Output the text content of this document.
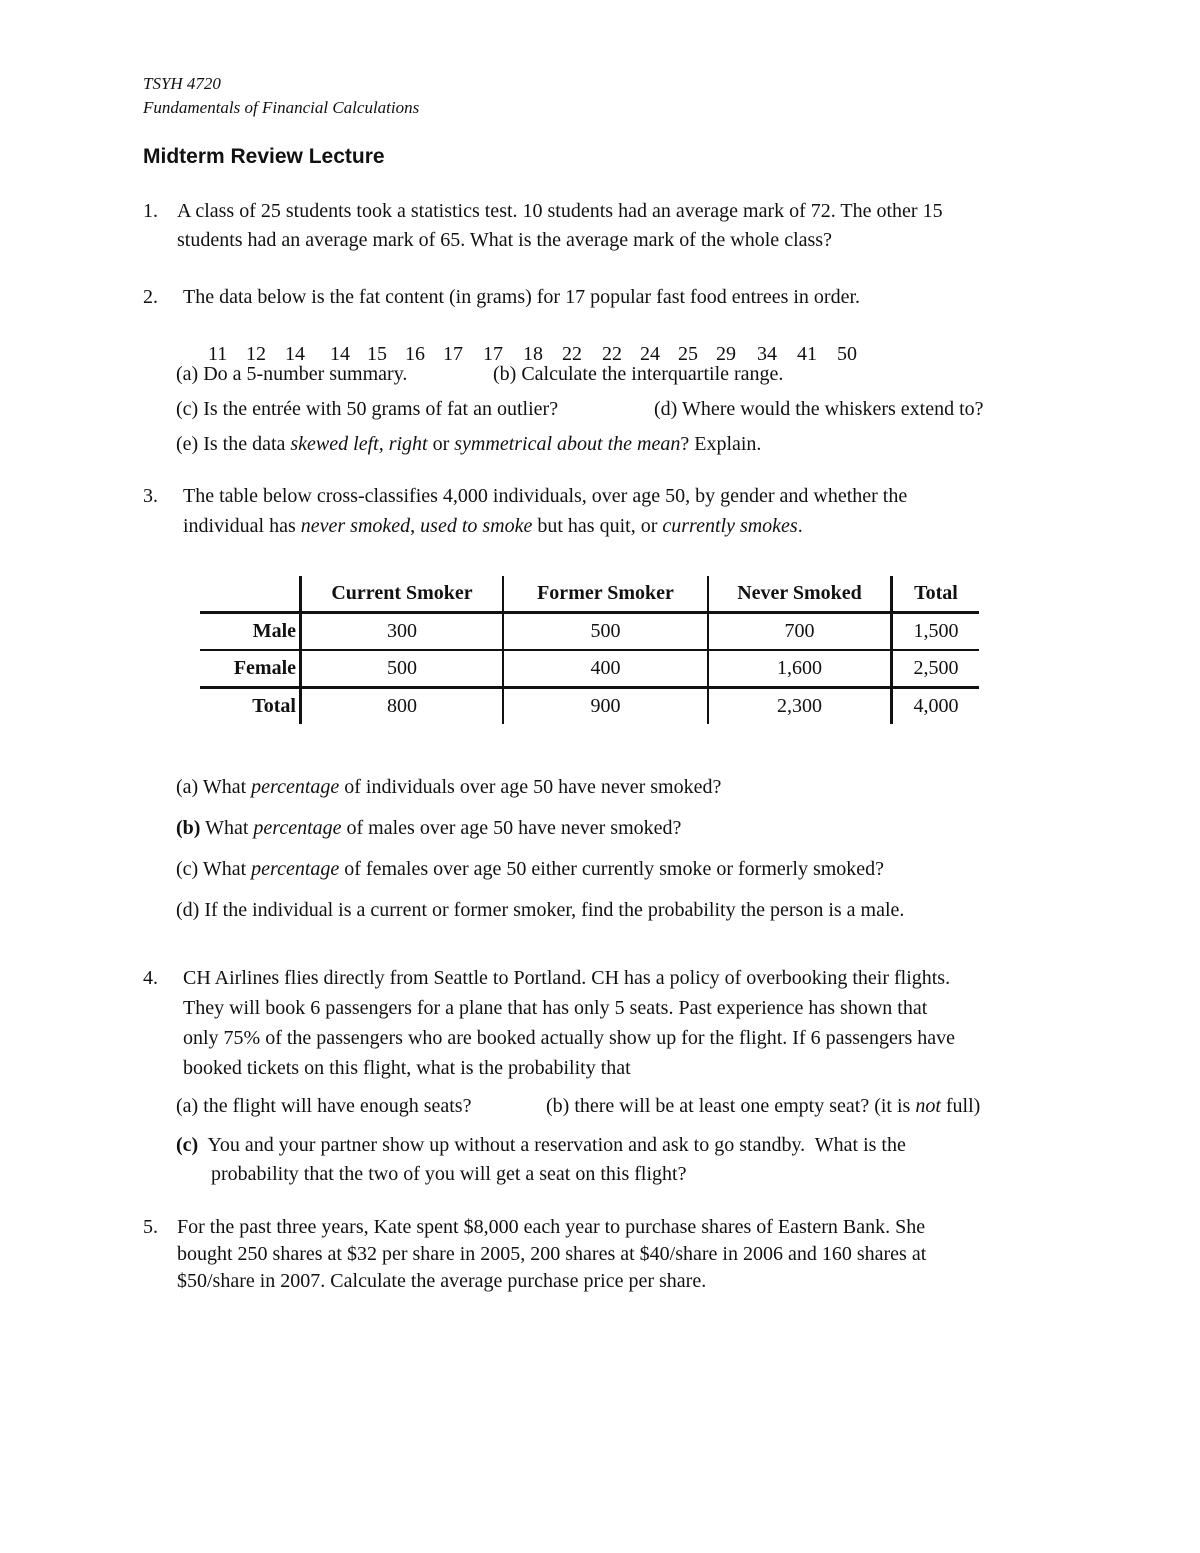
TSYH 4720
Fundamentals of Financial Calculations
Midterm Review Lecture
1. A class of 25 students took a statistics test. 10 students had an average mark of 72. The other 15
students had an average mark of 65. What is the average mark of the whole class?
2. The data below is the fat content (in grams) for 17 popular fast food entrees in order.

11 12 14 14 15 16 17 17 18 22 22 24 25 29 34 41 50

(a) Do a 5-number summary.	(b) Calculate the interquartile range.
(c) Is the entrée with 50 grams of fat an outlier?	(d) Where would the whiskers extend to?
(e) Is the data skewed left, right or symmetrical about the mean? Explain.
3. The table below cross-classifies 4,000 individuals, over age 50, by gender and whether the
individual has never smoked, used to smoke but has quit, or currently smokes.
	Current Smoker	Former Smoker	Never Smoked	Total
Male	300	500	700	1,500
Female	500	400	1,600	2,500
Total	800	900	2,300	4,000
(a) What percentage of individuals over age 50 have never smoked?
(b) What percentage of males over age 50 have never smoked?
(c) What percentage of females over age 50 either currently smoke or formerly smoked?
(d) If the individual is a current or former smoker, find the probability the person is a male.
4. CH Airlines flies directly from Seattle to Portland. CH has a policy of overbooking their flights.
They will book 6 passengers for a plane that has only 5 seats. Past experience has shown that
only 75% of the passengers who are booked actually show up for the flight. If 6 passengers have
booked tickets on this flight, what is the probability that
(a) the flight will have enough seats?	(b) there will be at least one empty seat? (it is not full)
(c)  You and your partner show up without a reservation and ask to go standby.  What is the
probability that the two of you will get a seat on this flight?
5. For the past three years, Kate spent $8,000 each year to purchase shares of Eastern Bank. She
bought 250 shares at $32 per share in 2005, 200 shares at $40/share in 2006 and 160 shares at
$50/share in 2007. Calculate the average purchase price per share.
